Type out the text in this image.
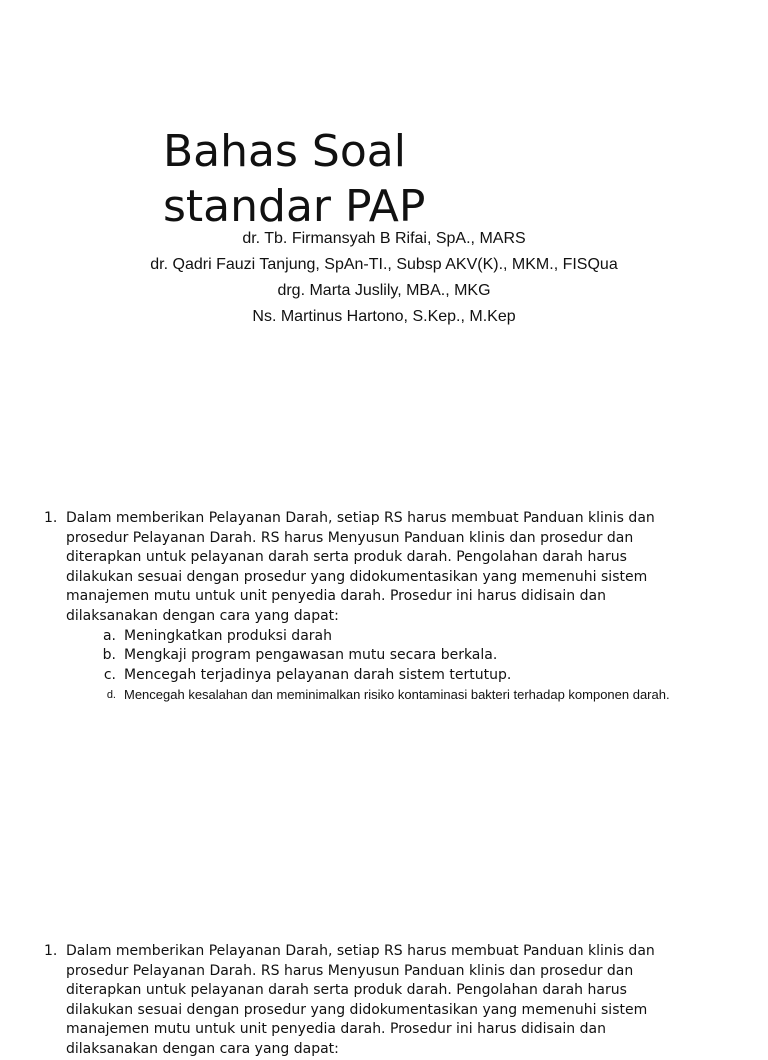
Bahas Soal
standar PAP
dr. Tb. Firmansyah B Rifai, SpA., MARS
dr. Qadri Fauzi Tanjung, SpAn-TI., Subsp AKV(K)., MKM., FISQua
drg. Marta Juslily, MBA., MKG
Ns. Martinus Hartono, S.Kep., M.Kep
1. Dalam memberikan Pelayanan Darah, setiap RS harus membuat Panduan klinis dan prosedur Pelayanan Darah. RS harus Menyusun Panduan klinis dan prosedur dan diterapkan untuk pelayanan darah serta produk darah. Pengolahan darah harus dilakukan sesuai dengan prosedur yang didokumentasikan yang memenuhi sistem manajemen mutu untuk unit penyedia darah. Prosedur ini harus didisain dan dilaksanakan dengan cara yang dapat:
a. Meningkatkan produksi darah
b. Mengkaji program pengawasan mutu secara berkala.
c. Mencegah terjadinya pelayanan darah sistem tertutup.
d. Mencegah kesalahan dan meminimalkan risiko kontaminasi bakteri terhadap komponen darah.
1. Dalam memberikan Pelayanan Darah, setiap RS harus membuat Panduan klinis dan prosedur Pelayanan Darah. RS harus Menyusun Panduan klinis dan prosedur dan diterapkan untuk pelayanan darah serta produk darah. Pengolahan darah harus dilakukan sesuai dengan prosedur yang didokumentasikan yang memenuhi sistem manajemen mutu untuk unit penyedia darah. Prosedur ini harus didisain dan dilaksanakan dengan cara yang dapat:
